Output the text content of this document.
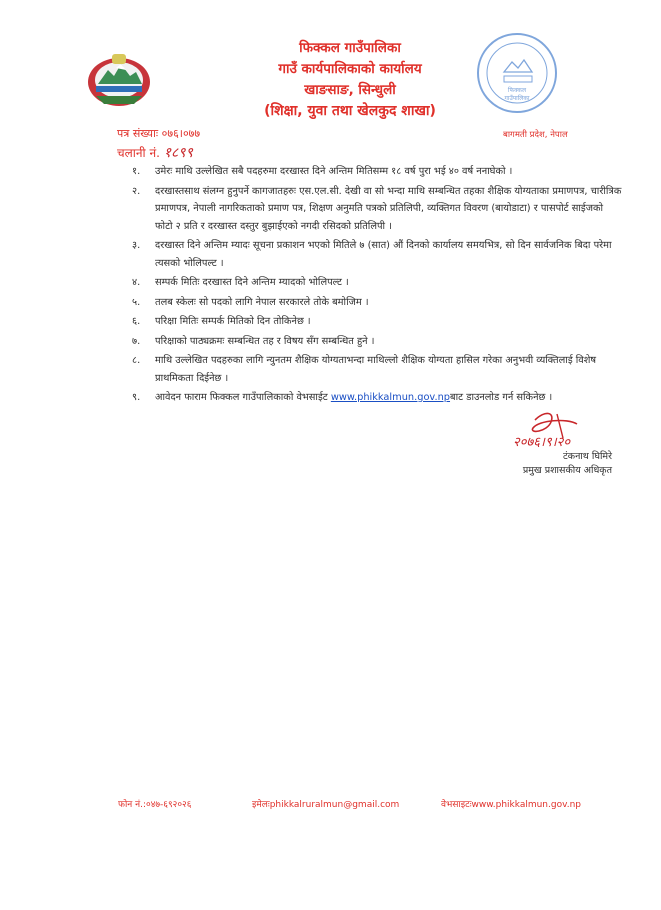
फिक्कल गाउँपालिका
गाउँ कार्यपालिकाको कार्यालय
खाङसाङ, सिन्धुली
(शिक्षा, युवा तथा खेलकुद शाखा)
फिक्कल
गाउँपालिका
बागमती प्रदेश, नेपाल
पत्र संख्याः ०७६।०७७
चलानी नं. १८९९
१. उमेरः माथि उल्लेखित सबै पदहरुमा दरखास्त दिने अन्तिम मितिसम्म १८ वर्ष पुरा भई ४० वर्ष ननाघेको ।
२. दरखास्तसाथ संलग्न हुनुपर्ने कागजातहरुः एस.एल.सी. देखी वा सो भन्दा माथि सम्बन्धित तहका शैक्षिक योग्यताका प्रमाणपत्र, चारीत्रिक प्रमाणपत्र, नेपाली नागरिकताको प्रमाण पत्र, शिक्षण अनुमति पत्रको प्रतिलिपी, व्यक्तिगत विवरण (बायोडाटा) र पासपोर्ट साईजको फोटो २ प्रति र दरखास्त दस्तुर बुझाईएको नगदी रसिदको प्रतिलिपी ।
३. दरखास्त दिने अन्तिम म्यादः सूचना प्रकाशन भएको मितिले ७ (सात) औं दिनको कार्यालय समयभित्र, सो दिन सार्वजनिक बिदा परेमा त्यसको भोलिपल्ट ।
४. सम्पर्क मितिः दरखास्त दिने अन्तिम म्यादको भोलिपल्ट ।
५. तलब स्केलः सो पदको लागि नेपाल सरकारले तोके बमोजिम ।
६. परिक्षा मितिः सम्पर्क मितिको दिन तोकिनेछ ।
७. परिक्षाको पाठ्यक्रमः सम्बन्धित तह र विषय सँग सम्बन्धित हुने ।
८. माथि उल्लेखित पदहरुका लागि न्युनतम शैक्षिक योग्यताभन्दा माथिल्लो शैक्षिक योग्यता हासिल गरेका अनुभवी व्यक्तिलाई विशेष प्राथमिकता दिईनेछ ।
९. आवेदन फाराम फिक्कल गाउँपालिकाको वेभसाईट www.phikkalmun.gov.npबाट डाउनलोड गर्न सकिनेछ ।
२०७६।९।२०
टंकनाथ घिमिरे
प्रमुख प्रशासकीय अधिकृत
फोन नं.:०४७-६९२०२६	इमेलःphikkalruralmun@gmail.com	वेभसाइटःwww.phikkalmun.gov.np
